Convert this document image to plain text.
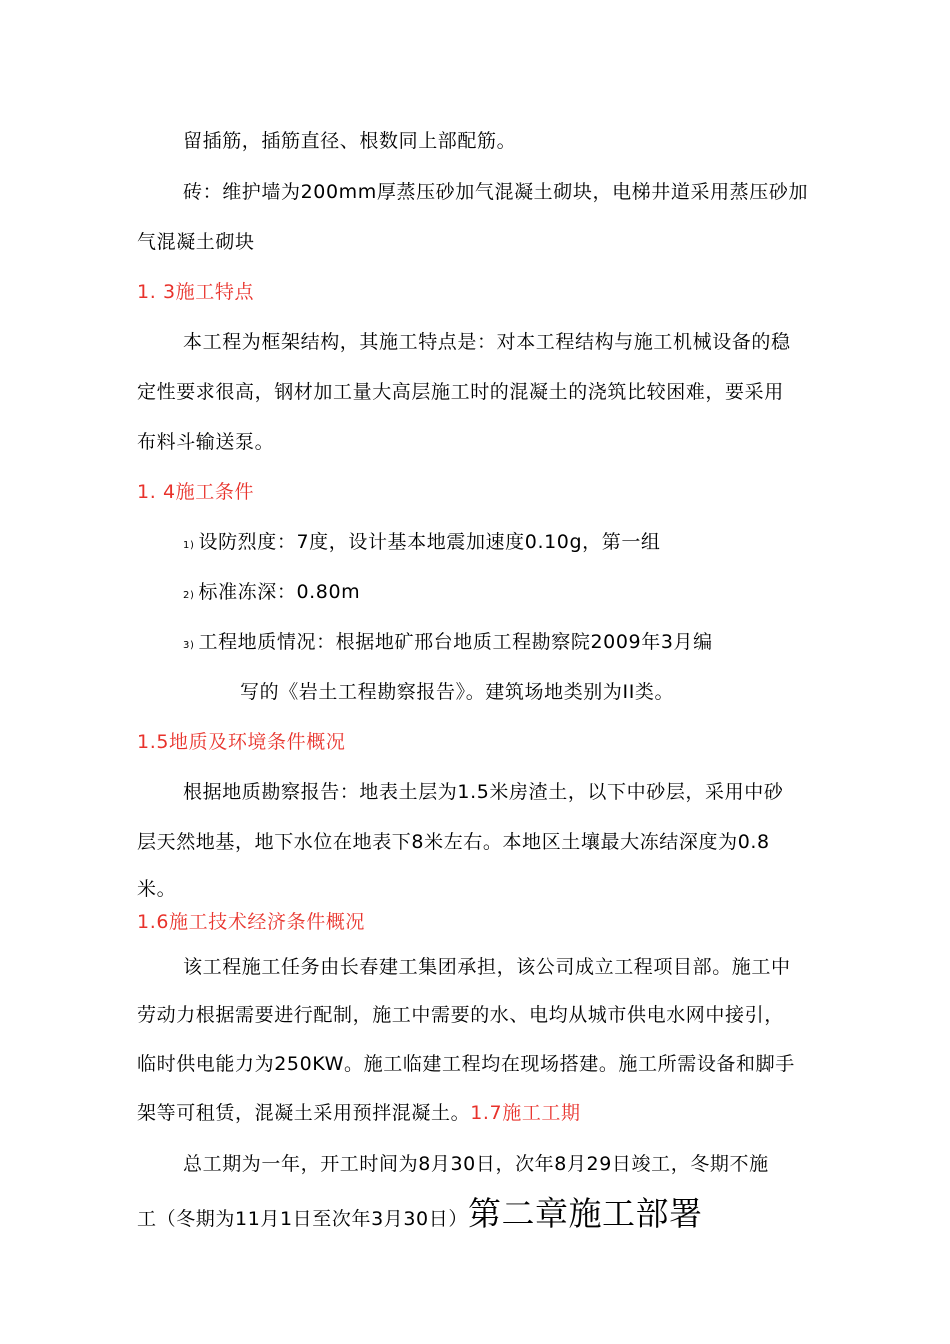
留插筋，插筋直径、根数同上部配筋。
砖：维护墙为200mm厚蒸压砂加气混凝土砌块，电梯井道采用蒸压砂加
气混凝土砌块
1. 3施工特点
本工程为框架结构，其施工特点是：对本工程结构与施工机械设备的稳
定性要求很高，钢材加工量大高层施工时的混凝土的浇筑比较困难，要采用
布料斗输送泵。
1. 4施工条件
1) 设防烈度：7度，设计基本地震加速度0.10g，第一组
2) 标准冻深：0.80m
3) 工程地质情况：根据地矿邢台地质工程勘察院2009年3月编
写的《岩土工程勘察报告》。建筑场地类别为II类。
1.5地质及环境条件概况
根据地质勘察报告：地表土层为1.5米房渣土，以下中砂层，采用中砂
层天然地基，地下水位在地表下8米左右。本地区土壤最大冻结深度为0.8
米。
1.6施工技术经济条件概况
该工程施工任务由长春建工集团承担，该公司成立工程项目部。施工中
劳动力根据需要进行配制，施工中需要的水、电均从城市供电水网中接引，
临时供电能力为250KW。施工临建工程均在现场搭建。施工所需设备和脚手
架等可租赁，混凝土采用预拌混凝土。1.7施工工期
总工期为一年，开工时间为8月30日，次年8月29日竣工，冬期不施
工（冬期为11月1日至次年3月30日）第二章施工部署
